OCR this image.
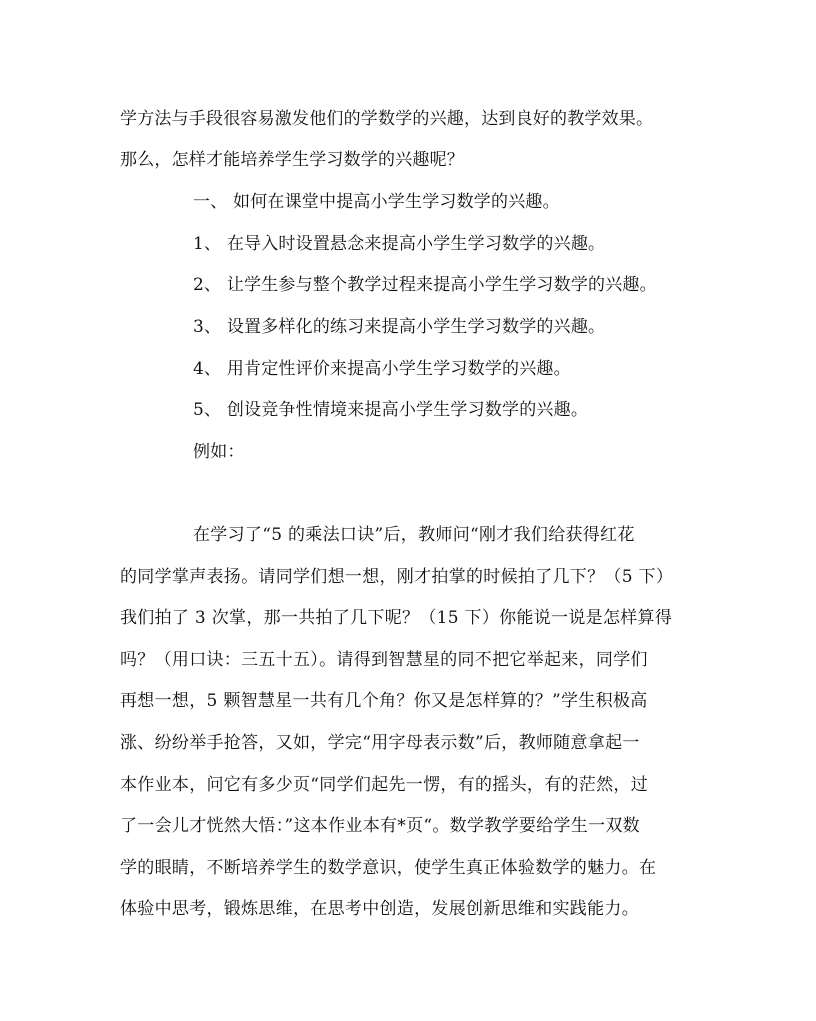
学方法与手段很容易激发他们的学数学的兴趣，达到良好的教学效果。
那么，怎样才能培养学生学习数学的兴趣呢？
一、 如何在课堂中提高小学生学习数学的兴趣。
1、 在导入时设置悬念来提高小学生学习数学的兴趣。
2、 让学生参与整个教学过程来提高小学生学习数学的兴趣。
3、 设置多样化的练习来提高小学生学习数学的兴趣。
4、 用肯定性评价来提高小学生学习数学的兴趣。
5、 创设竞争性情境来提高小学生学习数学的兴趣。
例如：
在学习了“5 的乘法口诀”后，教师问“刚才我们给获得红花
的同学掌声表扬。请同学们想一想，刚才拍掌的时候拍了几下？（5 下）
我们拍了 3 次掌，那一共拍了几下呢？（15 下）你能说一说是怎样算得
吗？（用口诀：三五十五）。请得到智慧星的同不把它举起来，同学们
再想一想，5 颗智慧星一共有几个角？你又是怎样算的？”学生积极高
涨、纷纷举手抢答，又如，学完“用字母表示数”后，教师随意拿起一
本作业本，问它有多少页“同学们起先一愣，有的摇头，有的茫然，过
了一会儿才恍然大悟：”这本作业本有*页“。数学教学要给学生一双数
学的眼睛，不断培养学生的数学意识，使学生真正体验数学的魅力。在
体验中思考，锻炼思维，在思考中创造，发展创新思维和实践能力。
